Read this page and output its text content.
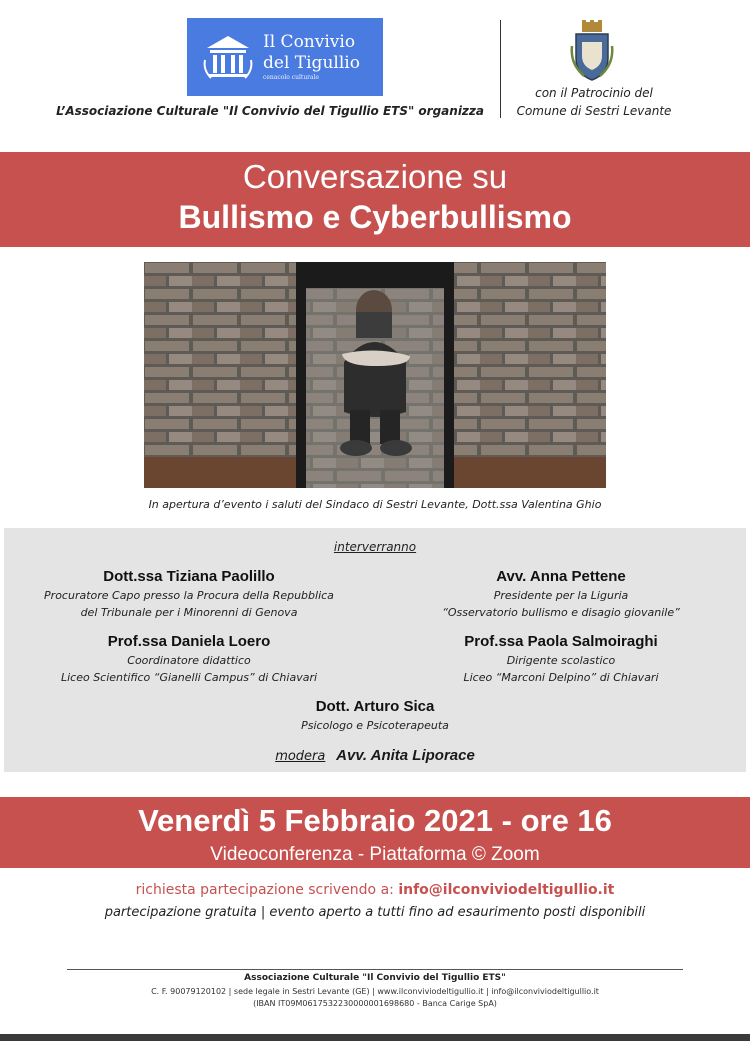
Il Convivio
del Tigullio
cenacolo culturale
L’Associazione Culturale "Il Convivio del Tigullio ETS" organizza
con il Patrocinio del
Comune di Sestri Levante
Conversazione su
Bullismo e Cyberbullismo
In apertura d’evento i saluti del Sindaco di Sestri Levante, Dott.ssa Valentina Ghio
interverranno
Dott.ssa Tiziana Paolillo
Procuratore Capo presso la Procura della Repubblica
del Tribunale per i Minorenni di Genova
Avv. Anna Pettene
Presidente per la Liguria
“Osservatorio bullismo e disagio giovanile”
Prof.ssa Daniela Loero
Coordinatore didattico
Liceo Scientifico “Gianelli Campus” di Chiavari
Prof.ssa Paola Salmoiraghi
Dirigente scolastico
Liceo “Marconi Delpino” di Chiavari
Dott. Arturo Sica
Psicologo e Psicoterapeuta
modera Avv. Anita Liporace
Venerdì 5 Febbraio 2021 - ore 16
Videoconferenza - Piattaforma © Zoom
richiesta partecipazione scrivendo a: info@ilconviviodeltigullio.it
partecipazione gratuita | evento aperto a tutti fino ad esaurimento posti disponibili
Associazione Culturale "Il Convivio del Tigullio ETS"
C. F. 90079120102 | sede legale in Sestri Levante (GE) | www.ilconviviodeltigullio.it | info@ilconviviodeltigullio.it
(IBAN IT09M0617532230000001698680 - Banca Carige SpA)
